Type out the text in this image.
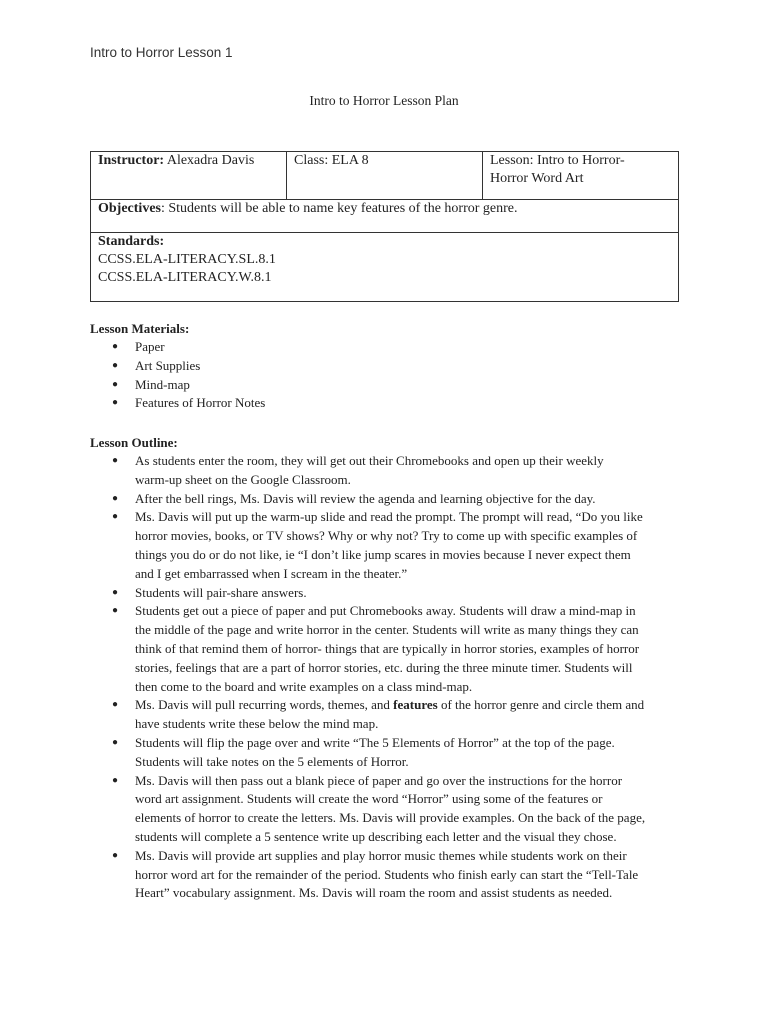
Intro to Horror Lesson 1
Intro to Horror Lesson Plan
Instructor: Alexadra Davis	Class: ELA 8	Lesson: Intro to Horror-
Horror Word Art
Objectives: Students will be able to name key features of the horror genre.
Standards:
CCSS.ELA-LITERACY.SL.8.1
CCSS.ELA-LITERACY.W.8.1

Lesson Materials:

● Paper
● Art Supplies
● Mind-map
● Features of Horror Notes

Lesson Outline:

● As students enter the room, they will get out their Chromebooks and open up their weekly
warm-up sheet on the Google Classroom.
● After the bell rings, Ms. Davis will review the agenda and learning objective for the day.
● Ms. Davis will put up the warm-up slide and read the prompt. The prompt will read, “Do you like
horror movies, books, or TV shows? Why or why not? Try to come up with specific examples of
things you do or do not like, ie “I don’t like jump scares in movies because I never expect them
and I get embarrassed when I scream in the theater.”
● Students will pair-share answers.
● Students get out a piece of paper and put Chromebooks away. Students will draw a mind-map in
the middle of the page and write horror in the center. Students will write as many things they can
think of that remind them of horror- things that are typically in horror stories, examples of horror
stories, feelings that are a part of horror stories, etc. during the three minute timer. Students will
then come to the board and write examples on a class mind-map.
● Ms. Davis will pull recurring words, themes, and features of the horror genre and circle them and
have students write these below the mind map.
● Students will flip the page over and write “The 5 Elements of Horror” at the top of the page.
Students will take notes on the 5 elements of Horror.
● Ms. Davis will then pass out a blank piece of paper and go over the instructions for the horror
word art assignment. Students will create the word “Horror” using some of the features or
elements of horror to create the letters. Ms. Davis will provide examples. On the back of the page,
students will complete a 5 sentence write up describing each letter and the visual they chose.
● Ms. Davis will provide art supplies and play horror music themes while students work on their
horror word art for the remainder of the period. Students who finish early can start the “Tell-Tale
Heart” vocabulary assignment. Ms. Davis will roam the room and assist students as needed.
